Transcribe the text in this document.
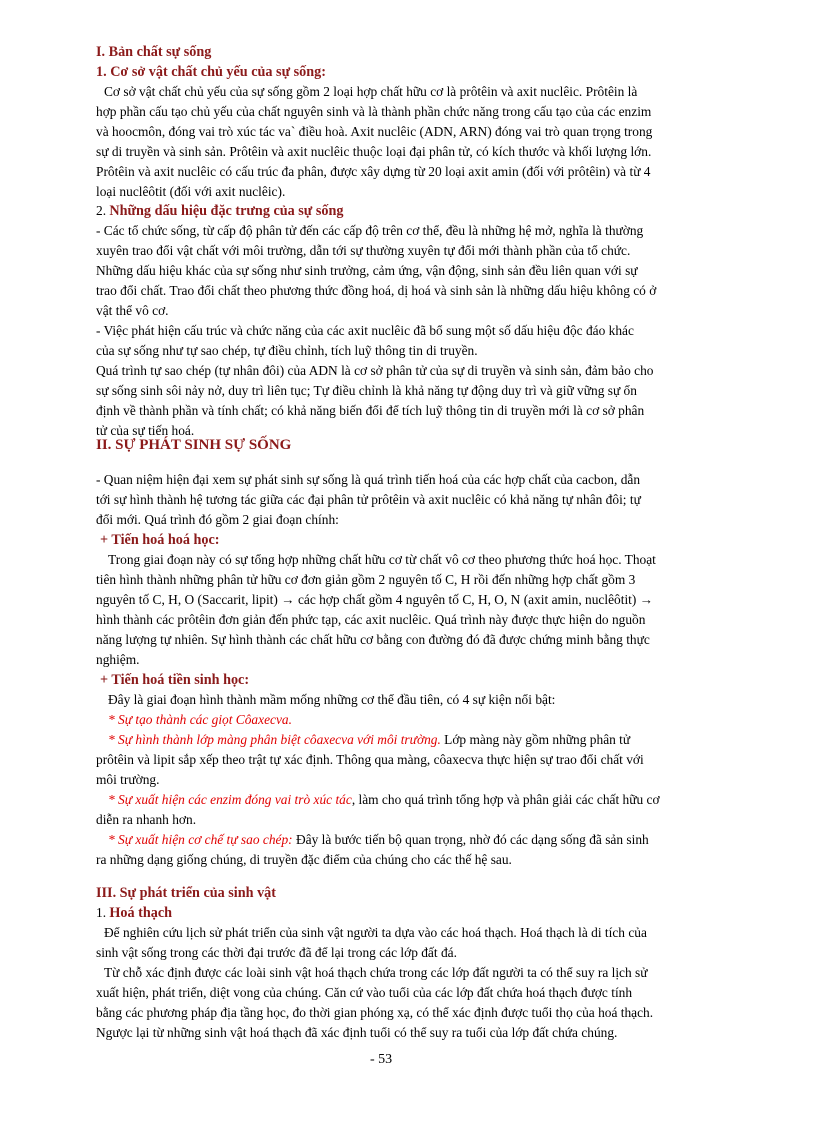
I. Bản chất sự sống
1. Cơ sở vật chất chủ yếu của sự sống:
Cơ sở vật chất chủ yếu của sự sống gồm 2 loại hợp chất hữu cơ là prôtêin và axit nuclêic. Prôtêin là
hợp phần cấu tạo chủ yếu của chất nguyên sinh và là thành phần chức năng trong cấu tạo của các enzim
và hoocmôn, đóng vai trò xúc tác va` điều hoà. Axit nuclêic (ADN, ARN) đóng vai trò quan trọng trong
sự di truyền và sinh sản. Prôtêin và axit nuclêic thuộc loại đại phân tử, có kích thước và khối lượng lớn.
Prôtêin và axit nuclêic có cấu trúc đa phân, được xây dựng từ 20 loại axit amin (đối với prôtêin) và từ 4
loại nuclêôtit (đối với axit nuclêic).
2. Những dấu hiệu đặc trưng của sự sống
- Các tổ chức sống, từ cấp độ phân tử đến các cấp độ trên cơ thể, đều là những hệ mở, nghĩa là thường
xuyên trao đổi vật chất với môi trường, dẫn tới sự thường xuyên tự đổi mới thành phần của tổ chức.
Những dấu hiệu khác của sự sống như sinh trưởng, cảm ứng, vận động, sinh sản đều liên quan với sự
trao đổi chất. Trao đổi chất theo phương thức đồng hoá, dị hoá và sinh sản là những dấu hiệu không có ở
vật thể vô cơ.
- Việc phát hiện cấu trúc và chức năng của các axit nuclêic đã bổ sung một số dấu hiệu độc đáo khác
của sự sống như tự sao chép, tự điều chỉnh, tích luỹ thông tin di truyền.
Quá trình tự sao chép (tự nhân đôi) của ADN là cơ sở phân tử của sự di truyền và sinh sản, đảm bảo cho
sự sống sinh sôi nảy nở, duy trì liên tục; Tự điều chỉnh là khả năng tự động duy trì và giữ vững sự ổn
định về thành phần và tính chất; có khả năng biến đổi để tích luỹ thông tin di truyền mới là cơ sở phân
tử của sự tiến hoá.
II. SỰ PHÁT SINH SỰ SỐNG
- Quan niệm hiện đại xem sự phát sinh sự sống là quá trình tiến hoá của các hợp chất của cacbon, dẫn
tới sự hình thành hệ tương tác giữa các đại phân tử prôtêin và axit nuclêic có khả năng tự nhân đôi; tự
đổi mới. Quá trình đó gồm 2 giai đoạn chính:
+ Tiến hoá hoá học:
Trong giai đoạn này có sự tổng hợp những chất hữu cơ từ chất vô cơ theo phương thức hoá học. Thoạt
tiên hình thành những phân tử hữu cơ đơn giản gồm 2 nguyên tố C, H rồi đến những hợp chất gồm 3
nguyên tố C, H, O (Saccarit, lipit) → các hợp chất gồm 4 nguyên tố C, H, O, N (axit amin, nuclêôtit) →
hình thành các prôtêin đơn giản đến phức tạp, các axit nuclêic. Quá trình này được thực hiện do nguồn
năng lượng tự nhiên. Sự hình thành các chất hữu cơ bằng con đường đó đã được chứng minh bằng thực
nghiệm.
+ Tiến hoá tiền sinh học:
Đây là giai đoạn hình thành mầm mống những cơ thể đầu tiên, có 4 sự kiện nổi bật:
* Sự tạo thành các giọt Côaxecva.
* Sự hình thành lớp màng phân biệt côaxecva với môi trường. Lớp màng này gồm những phân tử
prôtêin và lipit sắp xếp theo trật tự xác định. Thông qua màng, côaxecva thực hiện sự trao đổi chất với
môi trường.
* Sự xuất hiện các enzim đóng vai trò xúc tác, làm cho quá trình tổng hợp và phân giải các chất hữu cơ
diễn ra nhanh hơn.
* Sự xuất hiện cơ chế tự sao chép: Đây là bước tiến bộ quan trọng, nhờ đó các dạng sống đã sản sinh
ra những dạng giống chúng, di truyền đặc điểm của chúng cho các thế hệ sau.
III. Sự phát triển của sinh vật
1. Hoá thạch
Để nghiên cứu lịch sử phát triển của sinh vật người ta dựa vào các hoá thạch. Hoá thạch là di tích của
sinh vật sống trong các thời đại trước đã để lại trong các lớp đất đá.
Từ chỗ xác định được các loài sinh vật hoá thạch chứa trong các lớp đất người ta có thể suy ra lịch sử
xuất hiện, phát triển, diệt vong của chúng. Căn cứ vào tuổi của các lớp đất chứa hoá thạch được tính
bằng các phương pháp địa tầng học, đo thời gian phóng xạ, có thể xác định được tuổi thọ của hoá thạch.
Ngược lại từ những sinh vật hoá thạch đã xác định tuổi có thể suy ra tuổi của lớp đất chứa chúng.
- 53
